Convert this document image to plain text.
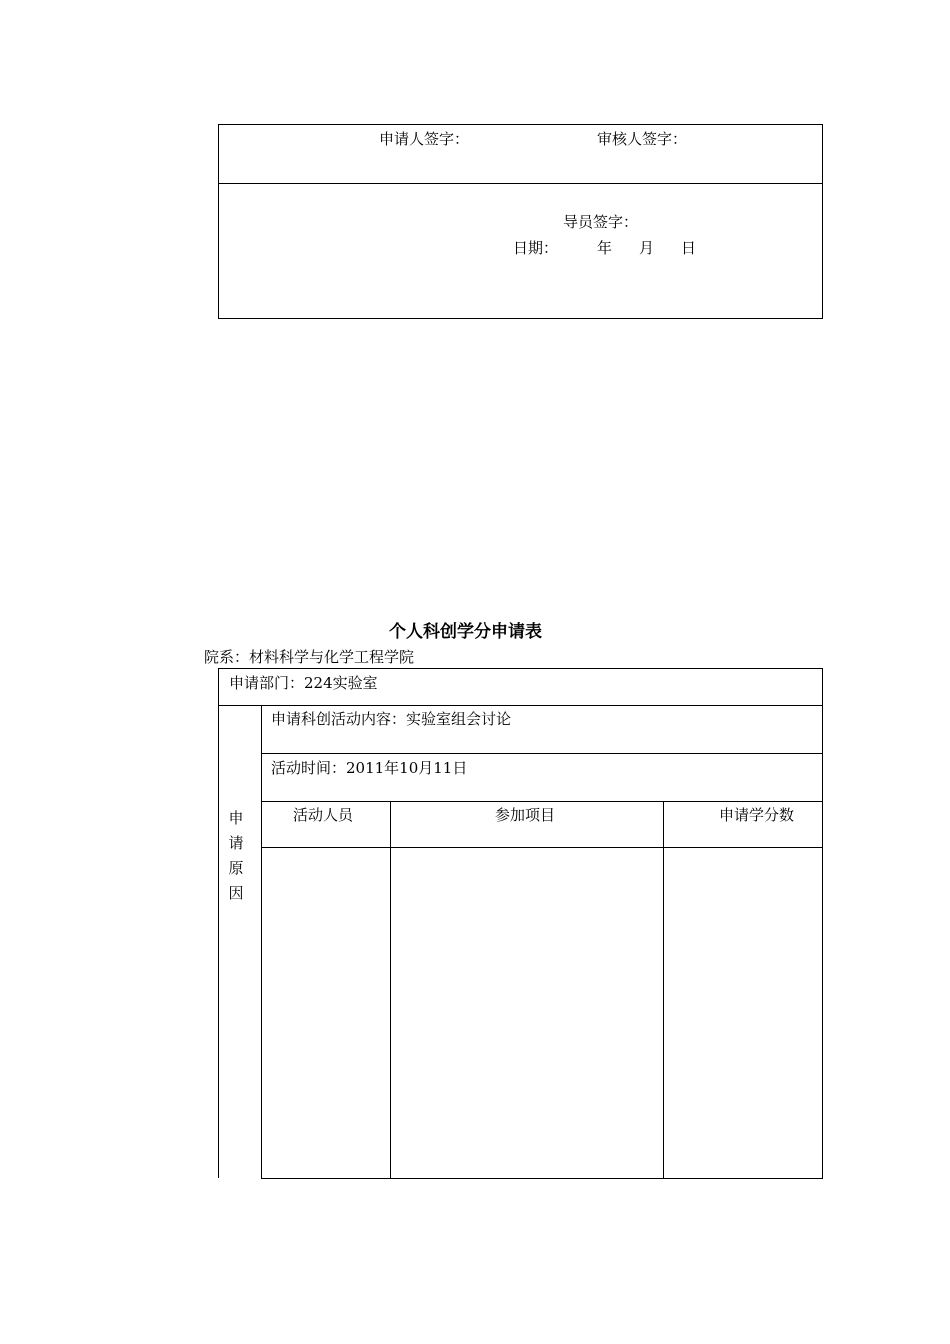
申请人签字：	审核人签字：
导员签字：
日期：	年 月 日
个人科创学分申请表
院系：材料科学与化学工程学院
申请部门：224实验室
申
请
原
因
申请科创活动内容：实验室组会讨论
活动时间：2011年10月11日
活动人员	参加项目	申请学分数
